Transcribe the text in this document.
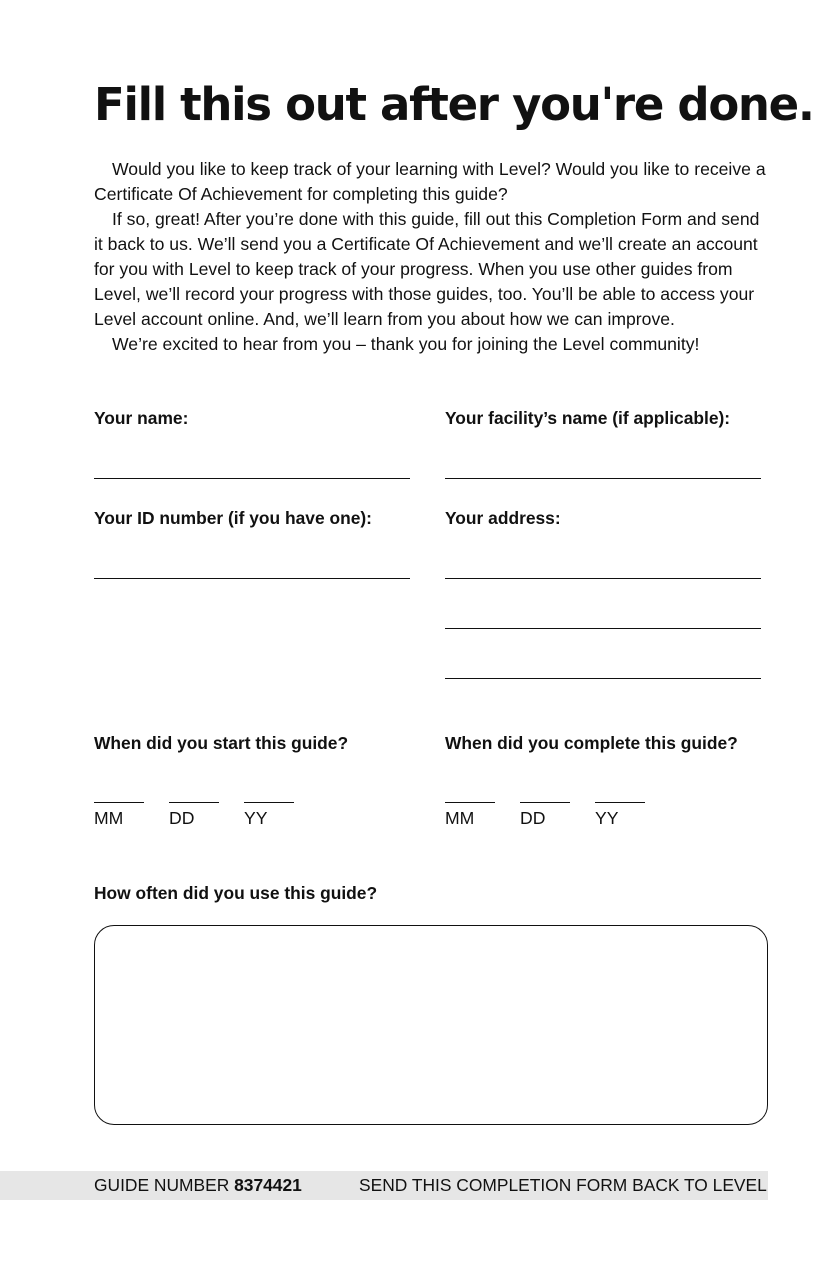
Fill this out after you're done.

Would you like to keep track of your learning with Level? Would you like to receive a Certificate Of Achievement for completing this guide?

If so, great! After you’re done with this guide, fill out this Completion Form and send it back to us. We’ll send you a Certificate Of Achievement and we’ll create an account for you with Level to keep track of your progress. When you use other guides from Level, we’ll record your progress with those guides, too. You’ll be able to access your Level account online. And, we’ll learn from you about how we can improve.

We’re excited to hear from you – thank you for joining the Level community!

Your name:	Your facility’s name (if applicable):
Your ID number (if you have one):	Your address:
When did you start this guide?
MM	DD	YY
When did you complete this guide?
MM	DD	YY
How often did you use this guide?
GUIDE NUMBER 8374421	SEND THIS COMPLETION FORM BACK TO LEVEL
